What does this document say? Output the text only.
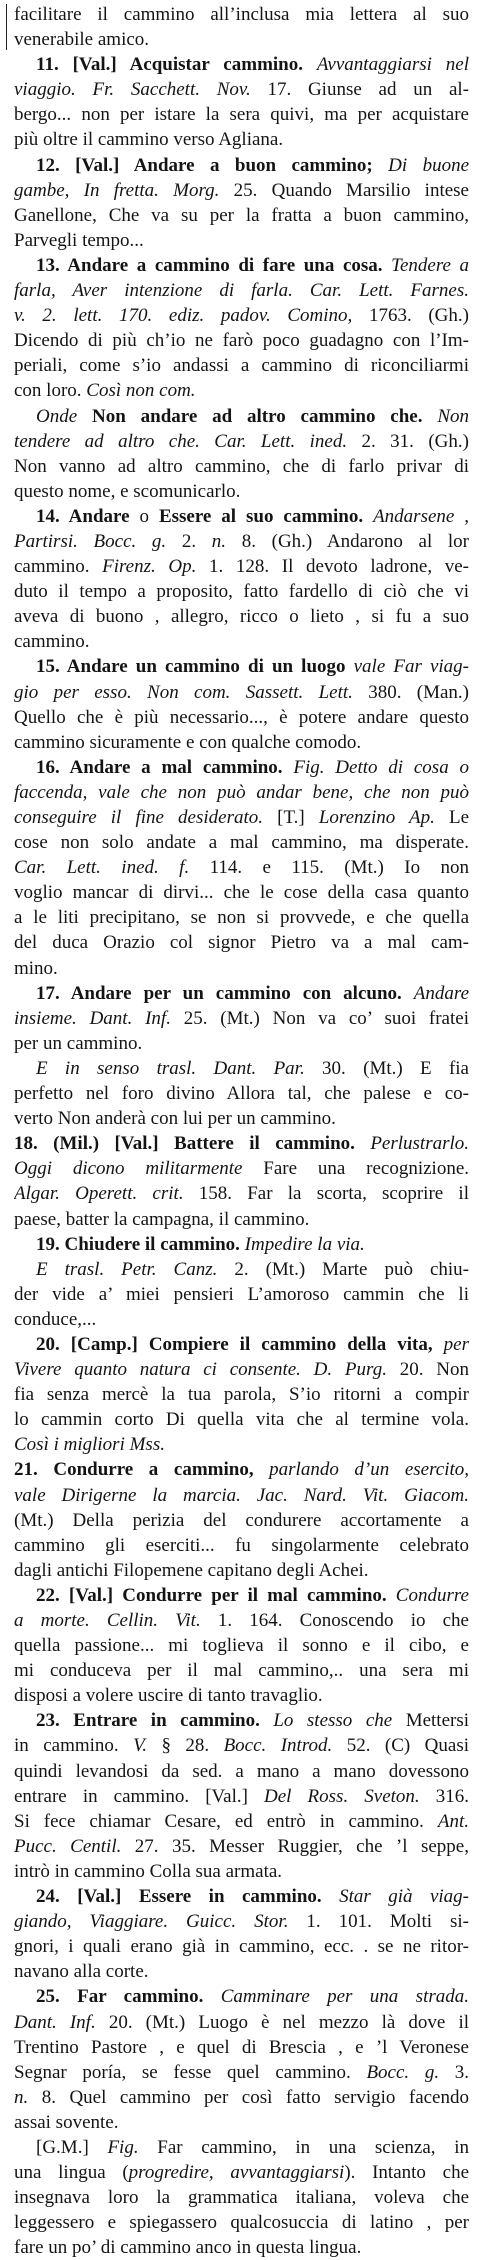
facilitare il cammino all’inclusa mia lettera al suo
venerabile amico.
11. [Val.] Acquistar cammino. Avvantaggiarsi nel
viaggio. Fr. Sacchett. Nov. 17. Giunse ad un al-
bergo... non per istare la sera quivi, ma per acquistare
più oltre il cammino verso Agliana.
12. [Val.] Andare a buon cammino; Di buone
gambe, In fretta. Morg. 25. Quando Marsilio intese
Ganellone, Che va su per la fratta a buon cammino,
Parvegli tempo...
13. Andare a cammino di fare una cosa. Tendere a
farla, Aver intenzione di farla. Car. Lett. Farnes.
v. 2. lett. 170. ediz. padov. Comino, 1763. (Gh.)
Dicendo di più ch’io ne farò poco guadagno con l’Im-
periali, come s’io andassi a cammino di riconciliarmi
con loro. Così non com.
Onde Non andare ad altro cammino che. Non
tendere ad altro che. Car. Lett. ined. 2. 31. (Gh.)
Non vanno ad altro cammino, che di farlo privar di
questo nome, e scomunicarlo.
14. Andare o Essere al suo cammino. Andarsene ,
Partirsi. Bocc. g. 2. n. 8. (Gh.) Andarono al lor
cammino. Firenz. Op. 1. 128. Il devoto ladrone, ve-
duto il tempo a proposito, fatto fardello di ciò che vi
aveva di buono , allegro, ricco o lieto , si fu a suo
cammino.
15. Andare un cammino di un luogo vale Far viag-
gio per esso. Non com. Sassett. Lett. 380. (Man.)
Quello che è più necessario..., è potere andare questo
cammino sicuramente e con qualche comodo.
16. Andare a mal cammino. Fig. Detto di cosa o
faccenda, vale che non può andar bene, che non può
conseguire il fine desiderato. [T.] Lorenzino Ap. Le
cose non solo andate a mal cammino, ma disperate.
Car. Lett. ined. f. 114. e 115. (Mt.) Io non
voglio mancar di dirvi... che le cose della casa quanto
a le liti precipitano, se non si provvede, e che quella
del duca Orazio col signor Pietro va a mal cam-
mino.
17. Andare per un cammino con alcuno. Andare
insieme. Dant. Inf. 25. (Mt.) Non va co’ suoi fratei
per un cammino.
E in senso trasl. Dant. Par. 30. (Mt.) E fia
perfetto nel foro divino Allora tal, che palese e co-
verto Non anderà con lui per un cammino.
18. (Mil.) [Val.] Battere il cammino. Perlustrarlo.
Oggi dicono militarmente Fare una recognizione.
Algar. Operett. crit. 158. Far la scorta, scoprire il
paese, batter la campagna, il cammino.
19. Chiudere il cammino. Impedire la via.
E trasl. Petr. Canz. 2. (Mt.) Marte può chiu-
der vide a’ miei pensieri L’amoroso cammin che li
conduce,...
20. [Camp.] Compiere il cammino della vita, per
Vivere quanto natura ci consente. D. Purg. 20. Non
fia senza mercè la tua parola, S’io ritorni a compir
lo cammin corto Di quella vita che al termine vola.
Così i migliori Mss.
21. Condurre a cammino, parlando d’un esercito,
vale Dirigerne la marcia. Jac. Nard. Vit. Giacom.
(Mt.) Della perizia del condurere accortamente a
cammino gli eserciti... fu singolarmente celebrato
dagli antichi Filopemene capitano degli Achei.
22. [Val.] Condurre per il mal cammino. Condurre
a morte. Cellin. Vit. 1. 164. Conoscendo io che
quella passione... mi toglieva il sonno e il cibo, e
mi conduceva per il mal cammino,.. una sera mi
disposi a volere uscire di tanto travaglio.
23. Entrare in cammino. Lo stesso che Mettersi
in cammino. V. § 28. Bocc. Introd. 52. (C) Quasi
quindi levandosi da sed. a mano a mano dovessono
entrare in cammino. [Val.] Del Ross. Sveton. 316.
Si fece chiamar Cesare, ed entrò in cammino. Ant.
Pucc. Centil. 27. 35. Messer Ruggier, che ’l seppe,
intrò in cammino Colla sua armata.
24. [Val.] Essere in cammino. Star già viag-
giando, Viaggiare. Guicc. Stor. 1. 101. Molti si-
gnori, i quali erano già in cammino, ecc. . se ne ritor-
navano alla corte.
25. Far cammino. Camminare per una strada.
Dant. Inf. 20. (Mt.) Luogo è nel mezzo là dove il
Trentino Pastore , e quel di Brescia , e ’l Veronese
Segnar poría, se fesse quel cammino. Bocc. g. 3.
n. 8. Quel cammino per così fatto servigio facendo
assai sovente.
[G.M.] Fig. Far cammino, in una scienza, in
una lingua (progredire, avvantaggiarsi). Intanto che
insegnava loro la grammatica italiana, voleva che
leggessero e spiegassero qualcosuccia di latino , per
fare un po’ di cammino anco in questa lingua.
